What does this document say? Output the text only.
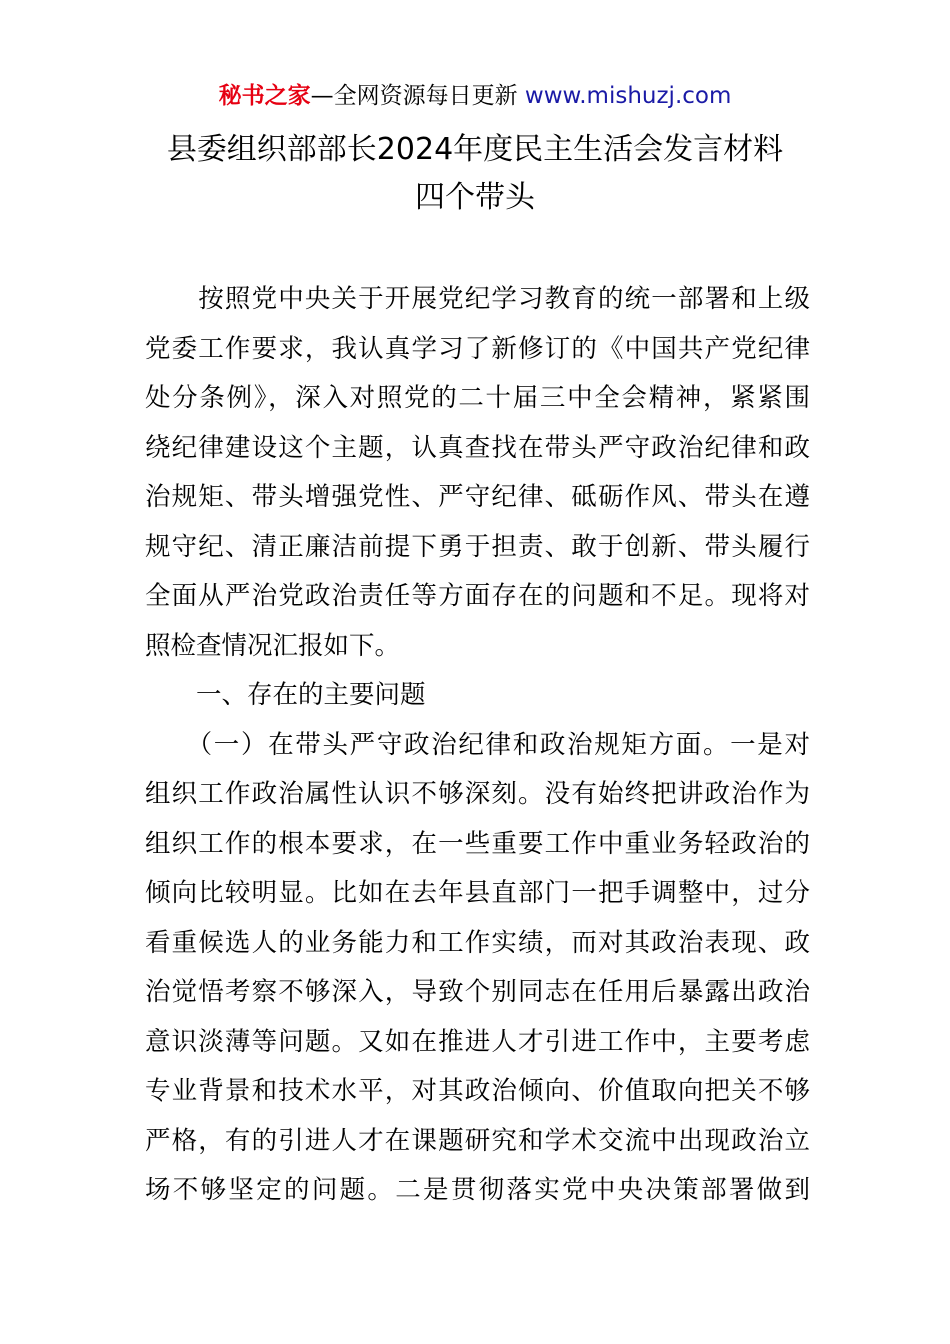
秘书之家—全网资源每日更新 www.mishuzj.com
县委组织部部长2024年度民主生活会发言材料
四个带头
　　按照党中央关于开展党纪学习教育的统一部署和上级
党委工作要求，我认真学习了新修订的《中国共产党纪律
处分条例》，深入对照党的二十届三中全会精神，紧紧围
绕纪律建设这个主题，认真查找在带头严守政治纪律和政
治规矩、带头增强党性、严守纪律、砥砺作风、带头在遵
规守纪、清正廉洁前提下勇于担责、敢于创新、带头履行
全面从严治党政治责任等方面存在的问题和不足。现将对
照检查情况汇报如下。
　　一、存在的主要问题
　　（一）在带头严守政治纪律和政治规矩方面。一是对
组织工作政治属性认识不够深刻。没有始终把讲政治作为
组织工作的根本要求，在一些重要工作中重业务轻政治的
倾向比较明显。比如在去年县直部门一把手调整中，过分
看重候选人的业务能力和工作实绩，而对其政治表现、政
治觉悟考察不够深入，导致个别同志在任用后暴露出政治
意识淡薄等问题。又如在推进人才引进工作中，主要考虑
专业背景和技术水平，对其政治倾向、价值取向把关不够
严格，有的引进人才在课题研究和学术交流中出现政治立
场不够坚定的问题。二是贯彻落实党中央决策部署做到
